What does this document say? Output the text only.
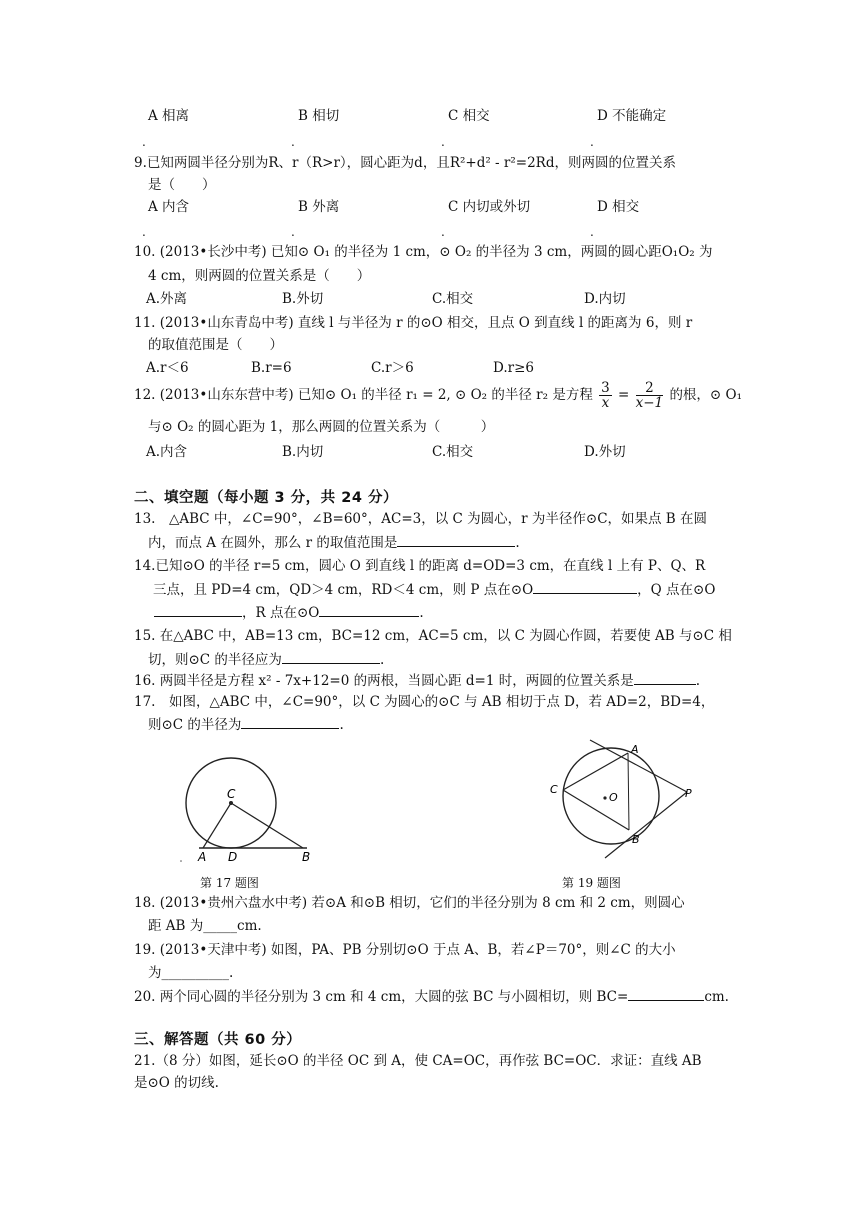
A 相离	B 相切	C 相交	D 不能确定
.	.	.	.
9.已知两圆半径分别为R、r（R>r），圆心距为d，且R²+d² - r²=2Rd，则两圆的位置关系
是（　　）
A 内含	B 外离	C 内切或外切	D 相交
.	.	.	.
10. (2013•长沙中考) 已知⊙ O₁ 的半径为 1 cm，⊙ O₂ 的半径为 3 cm，两圆的圆心距O₁O₂ 为
4 cm，则两圆的位置关系是（　　）
A.外离	B.外切	C.相交	D.内切
11. (2013•山东青岛中考) 直线 l 与半径为 r 的⊙O 相交，且点 O 到直线 l 的距离为 6，则 r
的取值范围是（　　）
A.r＜6	B.r=6	C.r＞6	D.r≥6
12. (2013•山东东营中考) 已知⊙ O₁ 的半径 r₁ = 2, ⊙ O₂ 的半径 r₂ 是方程 $\frac{3}{x} = \frac{2}{x-1}$ 的根，⊙ O₁
与⊙ O₂ 的圆心距为 1，那么两圆的位置关系为（　　　）
A.内含	B.内切	C.相交	D.外切
二、填空题（每小题 3 分，共 24 分）
13.　△ABC 中，∠C=90°，∠B=60°，AC=3，以 C 为圆心，r 为半径作⊙C，如果点 B 在圆
内，而点 A 在圆外，那么 r 的取值范围是	.
14.已知⊙O 的半径 r=5 cm，圆心 O 到直线 l 的距离 d=OD=3 cm，在直线 l 上有 P、Q、R
三点，且 PD=4 cm，QD＞4 cm，RD＜4 cm，则 P 点在⊙O	，Q 点在⊙O
，R 点在⊙O	.
15. 在△ABC 中，AB=13 cm，BC=12 cm，AC=5 cm，以 C 为圆心作圆，若要使 AB 与⊙C 相
切，则⊙C 的半径应为	.
16. 两圆半径是方程 x² - 7x+12=0 的两根，当圆心距 d=1 时，两圆的位置关系是	.
17.　如图，△ABC 中，∠C=90°，以 C 为圆心的⊙C 与 AB 相切于点 D，若 AD=2，BD=4，
则⊙C 的半径为	.
C
A D	B
第 17 题图
A
C
O	P
B
第 19 题图
18. (2013•贵州六盘水中考) 若⊙A 和⊙B 相切，它们的半径分别为 8 cm 和 2 cm，则圆心
距 AB 为_____cm.
19. (2013•天津中考) 如图，PA、PB 分别切⊙O 于点 A、B，若∠P＝70°，则∠C 的大小
为__________.
20. 两个同心圆的半径分别为 3 cm 和 4 cm，大圆的弦 BC 与小圆相切，则 BC=	cm.
三、解答题（共 60 分）
21.（8 分）如图，延长⊙O 的半径 OC 到 A，使 CA=OC，再作弦 BC=OC．求证：直线 AB
是⊙O 的切线.
